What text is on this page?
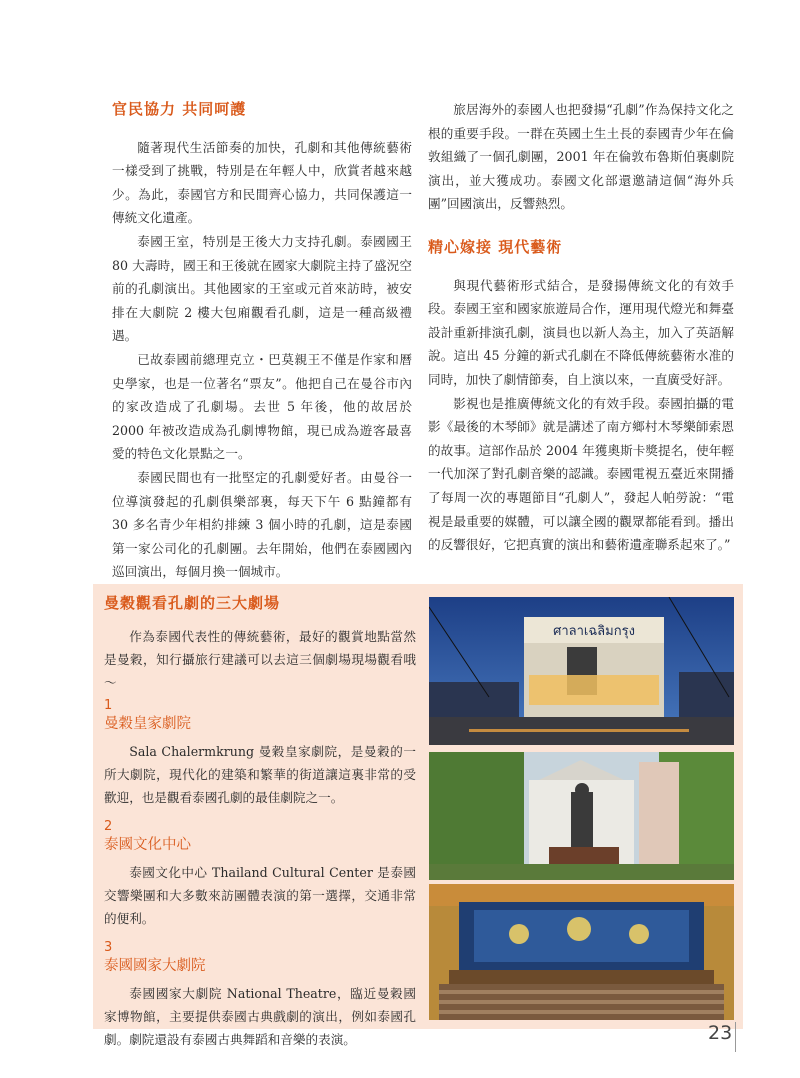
官民協力 共同呵護

隨著現代生活節奏的加快，孔劇和其他傳統藝術一樣受到了挑戰，特別是在年輕人中，欣賞者越來越少。為此，泰國官方和民間齊心協力，共同保護這一傳統文化遺產。

泰國王室，特別是王後大力支持孔劇。泰國國王 80 大壽時，國王和王後就在國家大劇院主持了盛況空前的孔劇演出。其他國家的王室或元首來訪時，被安排在大劇院 2 樓大包廂觀看孔劇，這是一種高級禮遇。

已故泰國前總理克立・巴莫親王不僅是作家和曆史學家，也是一位著名“票友”。他把自己在曼谷市內的家改造成了孔劇場。去世 5 年後，他的故居於 2000 年被改造成為孔劇博物館，現已成為遊客最喜愛的特色文化景點之一。

泰國民間也有一批堅定的孔劇愛好者。由曼谷一位導演發起的孔劇俱樂部裏，每天下午 6 點鐘都有 30 多名青少年相約排練 3 個小時的孔劇，這是泰國第一家公司化的孔劇團。去年開始，他們在泰國國內巡回演出，每個月換一個城市。

旅居海外的泰國人也把發揚“孔劇”作為保持文化之根的重要手段。一群在英國土生土長的泰國青少年在倫敦組織了一個孔劇團，2001 年在倫敦布魯斯伯裏劇院演出，並大獲成功。泰國文化部還邀請這個“海外兵團”回國演出，反響熱烈。

精心嫁接 現代藝術

與現代藝術形式結合，是發揚傳統文化的有效手段。泰國王室和國家旅遊局合作，運用現代燈光和舞臺設計重新排演孔劇，演員也以新人為主，加入了英語解說。這出 45 分鐘的新式孔劇在不降低傳統藝術水准的同時，加快了劇情節奏，自上演以來，一直廣受好評。

影視也是推廣傳統文化的有效手段。泰國拍攝的電影《最後的木琴師》就是講述了南方鄉村木琴樂師索恩的故事。這部作品於 2004 年獲奧斯卡獎提名，使年輕一代加深了對孔劇音樂的認識。泰國電視五臺近來開播了每周一次的專題節目“孔劇人”，發起人帕勞說：“電視是最重要的媒體，可以讓全國的觀眾都能看到。播出的反響很好，它把真實的演出和藝術遺產聯系起來了。”

曼穀觀看孔劇的三大劇場

作為泰國代表性的傳統藝術，最好的觀賞地點當然是曼穀，知行攝旅行建議可以去這三個劇場現場觀看哦～

1
曼穀皇家劇院

Sala Chalermkrung 曼穀皇家劇院，是曼穀的一所大劇院，現代化的建築和繁華的街道讓這裏非常的受歡迎，也是觀看泰國孔劇的最佳劇院之一。

2
泰國文化中心

泰國文化中心 Thailand Cultural Center 是泰國交響樂團和大多數來訪團體表演的第一選擇，交通非常的便利。

3
泰國國家大劇院

泰國國家大劇院 National Theatre，臨近曼穀國家博物館，主要提供泰國古典戲劇的演出，例如泰國孔劇。劇院還設有泰國古典舞蹈和音樂的表演。

ศาลาเฉลิมกรุง
23
